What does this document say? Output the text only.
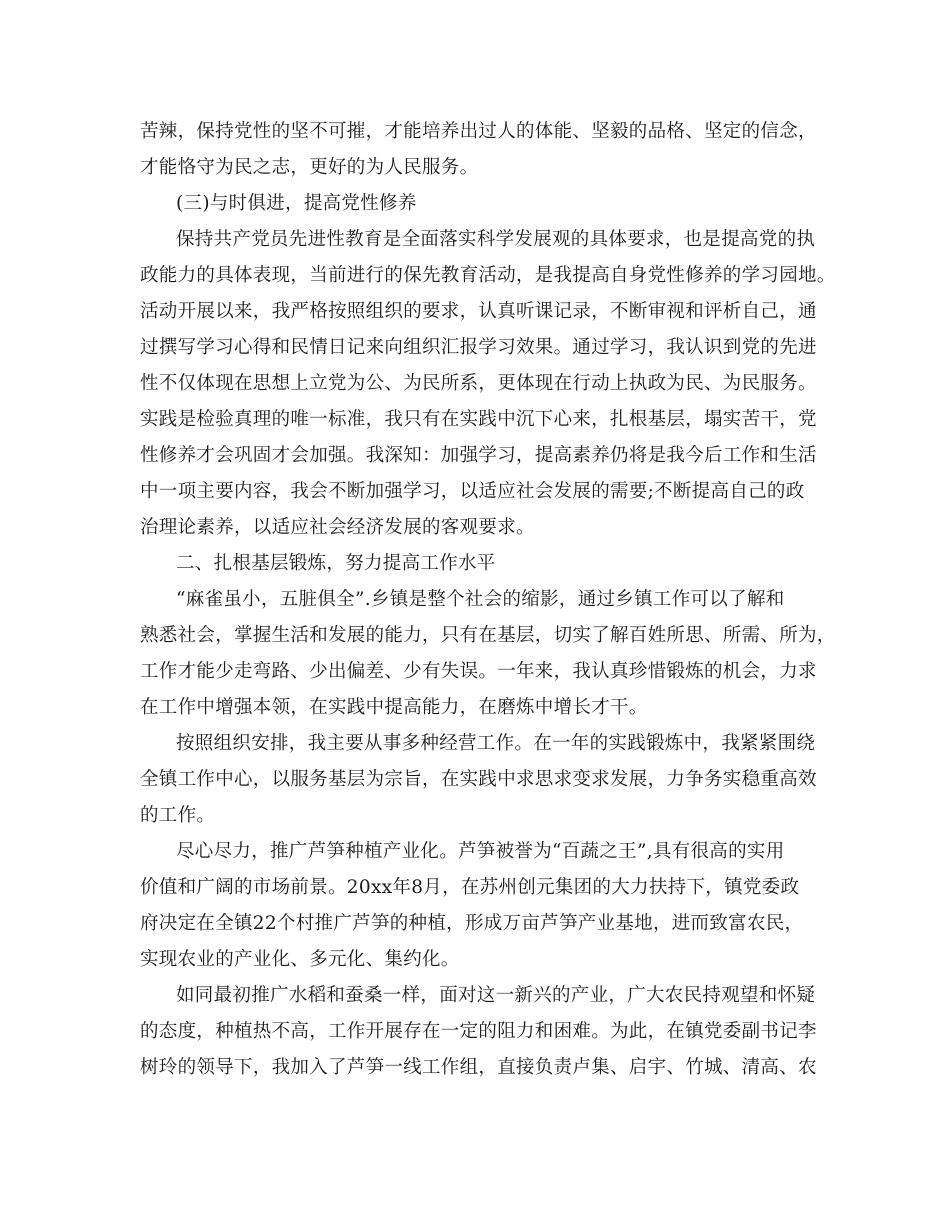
苦辣，保持党性的坚不可摧，才能培养出过人的体能、坚毅的品格、坚定的信念，
才能恪守为民之志，更好的为人民服务。
(三)与时俱进，提高党性修养
保持共产党员先进性教育是全面落实科学发展观的具体要求，也是提高党的执
政能力的具体表现，当前进行的保先教育活动，是我提高自身党性修养的学习园地。
活动开展以来，我严格按照组织的要求，认真听课记录，不断审视和评析自己，通
过撰写学习心得和民情日记来向组织汇报学习效果。通过学习，我认识到党的先进
性不仅体现在思想上立党为公、为民所系，更体现在行动上执政为民、为民服务。
实践是检验真理的唯一标准，我只有在实践中沉下心来，扎根基层，塌实苦干，党
性修养才会巩固才会加强。我深知：加强学习，提高素养仍将是我今后工作和生活
中一项主要内容，我会不断加强学习，以适应社会发展的需要;不断提高自己的政
治理论素养，以适应社会经济发展的客观要求。
二、扎根基层锻炼，努力提高工作水平
“麻雀虽小，五脏俱全”.乡镇是整个社会的缩影，通过乡镇工作可以了解和
熟悉社会，掌握生活和发展的能力，只有在基层，切实了解百姓所思、所需、所为，
工作才能少走弯路、少出偏差、少有失误。一年来，我认真珍惜锻炼的机会，力求
在工作中增强本领，在实践中提高能力，在磨炼中增长才干。
按照组织安排，我主要从事多种经营工作。在一年的实践锻炼中，我紧紧围绕
全镇工作中心，以服务基层为宗旨，在实践中求思求变求发展，力争务实稳重高效
的工作。
尽心尽力，推广芦笋种植产业化。芦笋被誉为“百蔬之王”,具有很高的实用
价值和广阔的市场前景。20xx年8月，在苏州创元集团的大力扶持下，镇党委政
府决定在全镇22个村推广芦笋的种植，形成万亩芦笋产业基地，进而致富农民，
实现农业的产业化、多元化、集约化。
如同最初推广水稻和蚕桑一样，面对这一新兴的产业，广大农民持观望和怀疑
的态度，种植热不高，工作开展存在一定的阻力和困难。为此，在镇党委副书记李
树玲的领导下，我加入了芦笋一线工作组，直接负责卢集、启宇、竹城、清高、农
